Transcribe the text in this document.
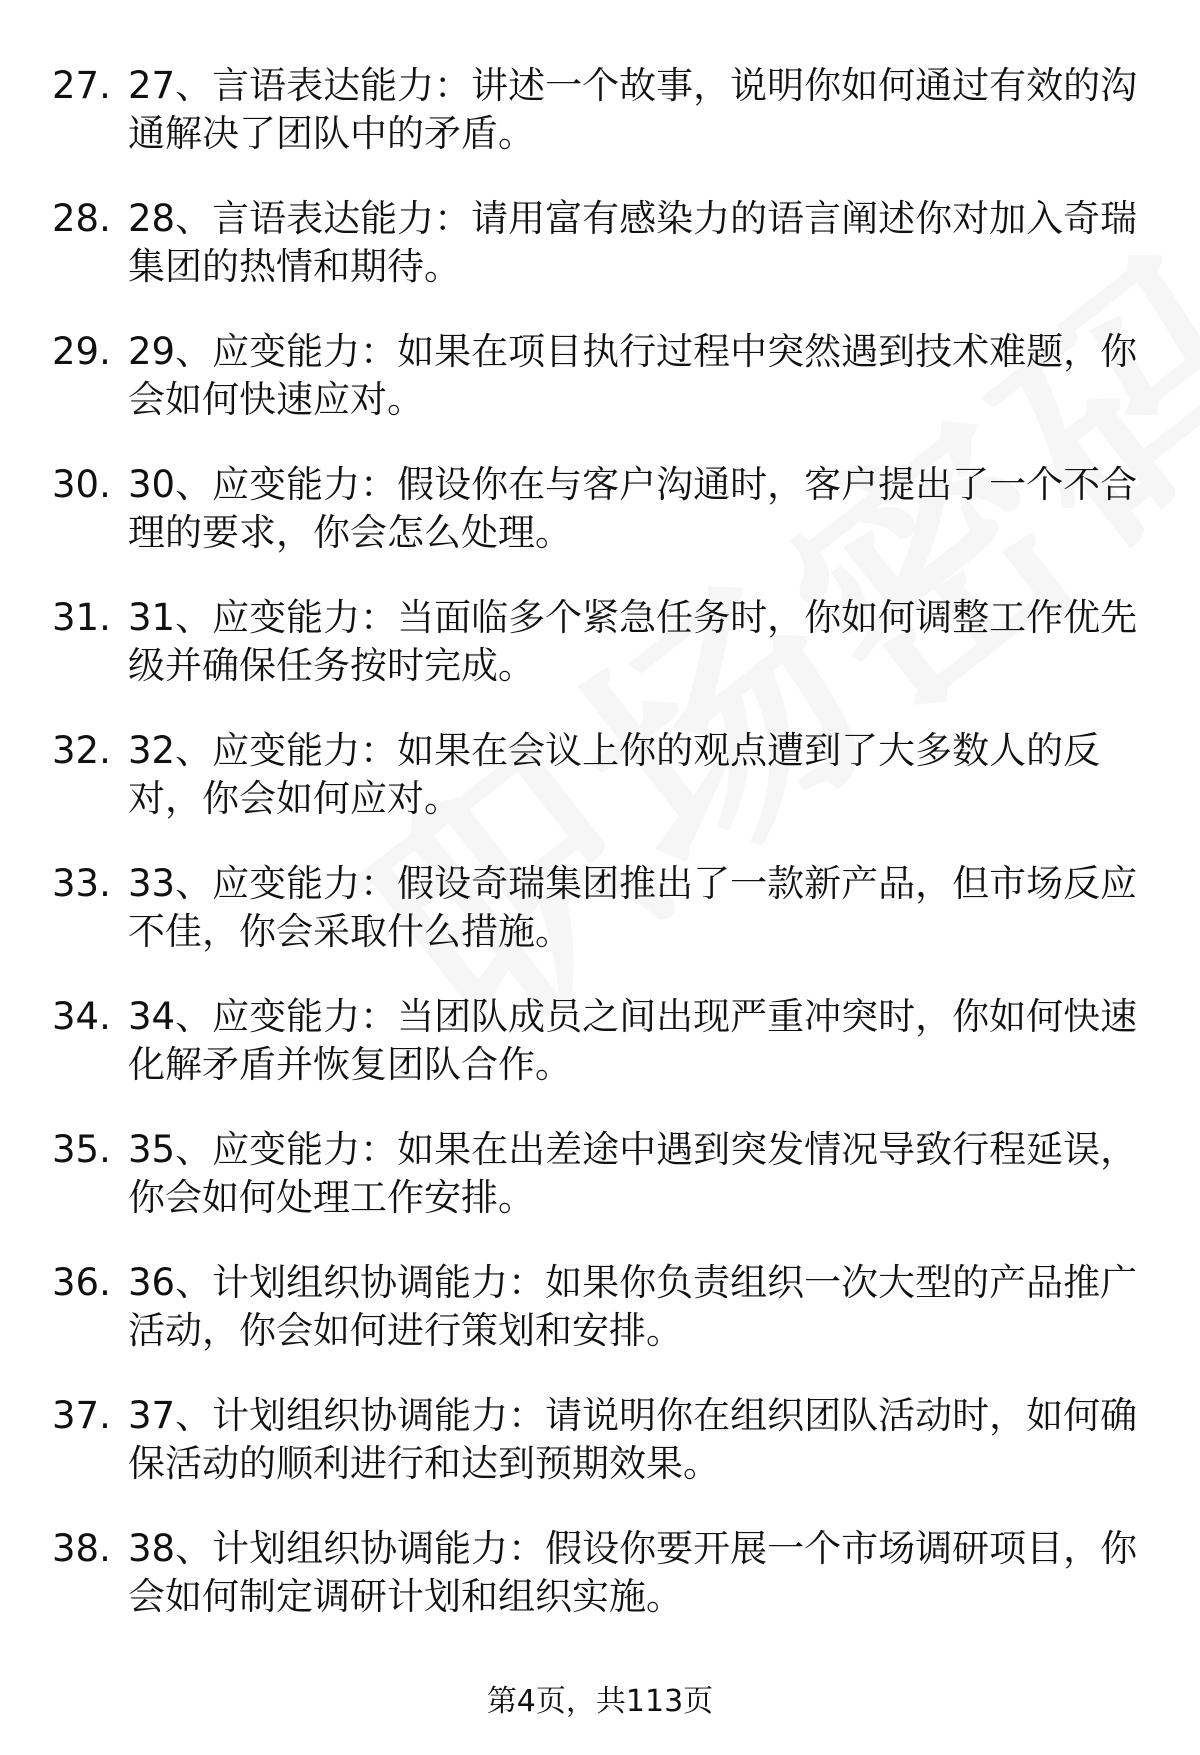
27. 27、言语表达能力：讲述一个故事，说明你如何通过有效的沟通解决了团队中的矛盾。
28. 28、言语表达能力：请用富有感染力的语言阐述你对加入奇瑞集团的热情和期待。
29. 29、应变能力：如果在项目执行过程中突然遇到技术难题，你会如何快速应对。
30. 30、应变能力：假设你在与客户沟通时，客户提出了一个不合理的要求，你会怎么处理。
31. 31、应变能力：当面临多个紧急任务时，你如何调整工作优先级并确保任务按时完成。
32. 32、应变能力：如果在会议上你的观点遭到了大多数人的反对，你会如何应对。
33. 33、应变能力：假设奇瑞集团推出了一款新产品，但市场反应不佳，你会采取什么措施。
34. 34、应变能力：当团队成员之间出现严重冲突时，你如何快速化解矛盾并恢复团队合作。
35. 35、应变能力：如果在出差途中遇到突发情况导致行程延误，你会如何处理工作安排。
36. 36、计划组织协调能力：如果你负责组织一次大型的产品推广活动，你会如何进行策划和安排。
37. 37、计划组织协调能力：请说明你在组织团队活动时，如何确保活动的顺利进行和达到预期效果。
38. 38、计划组织协调能力：假设你要开展一个市场调研项目，你会如何制定调研计划和组织实施。
第4页，共113页
